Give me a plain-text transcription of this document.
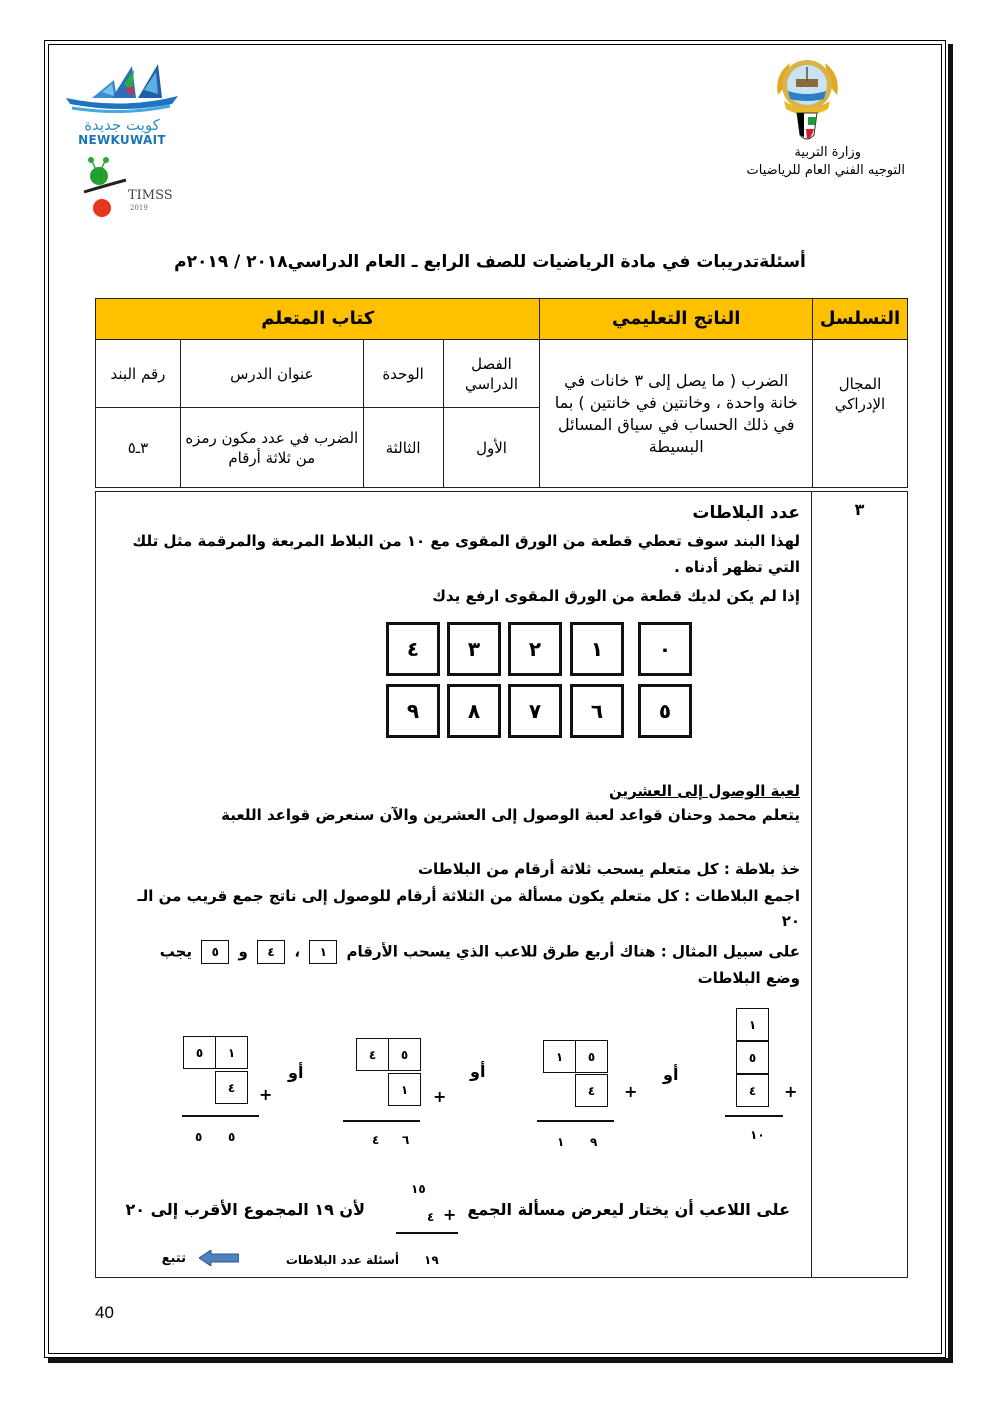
كويت جديدة
NEWKUWAIT
TIMSS
2019
وزارة التربية
التوجيه الفني العام للرياضيات
أسئلةتدريبات في مادة الرياضيات للصف الرابع ـ العام الدراسي٢٠١٨ / ٢٠١٩م
التسلسل	الناتج التعليمي	كتاب المتعلم			
المجال الإدراكي	الضرب ( ما يصل إلى ٣ خانات في خانة واحدة ، وخانتين في خانتين ) بما في ذلك الحساب في سياق المسائل البسيطة	الفصل الدراسي	الوحدة	عنوان الدرس	رقم البند
		الأول	الثالثة	الضرب في عدد مكون رمزه من ثلاثة أرقام	٣ـ٥
٣
عدد البلاطات
لهذا البند سوف تعطي قطعة من الورق المقوى مع ١٠ من البلاط المربعة والمرقمة مثل تلك
التي تظهر أدناه .
إذا لم يكن لديك قطعة من الورق المقوى ارفع يدك
٤	٣	٢	١	٠
٩	٨	٧	٦	٥
لعبة الوصول إلى العشرين
يتعلم محمد وحنان قواعد لعبة الوصول إلى العشرين والآن سنعرض قواعد اللعبة
خذ بلاطة : كل متعلم يسحب ثلاثة أرقام من البلاطات
اجمع البلاطات : كل متعلم يكون مسألة من الثلاثة أرقام للوصول إلى ناتج جمع قريب من الـ
٢٠
على سبيل المثال : هناك أربع طرق للاعب الذي يسحب الأرقام ١ ، ٤ و ٥ يجب
وضع البلاطات
١
٥
٤	+
١٠
أو
١	٥
٤	+
١ ٩
أو
٤	٥
١	+
٤ ٦
أو
٥	١
٤	+
٥ ٥
على اللاعب أن يختار ليعرض مسألة الجمع
١٥
٤ +
لأن ١٩ المجموع الأقرب إلى ٢٠
١٩
أسئلة عدد البلاطات
تتبع
40
